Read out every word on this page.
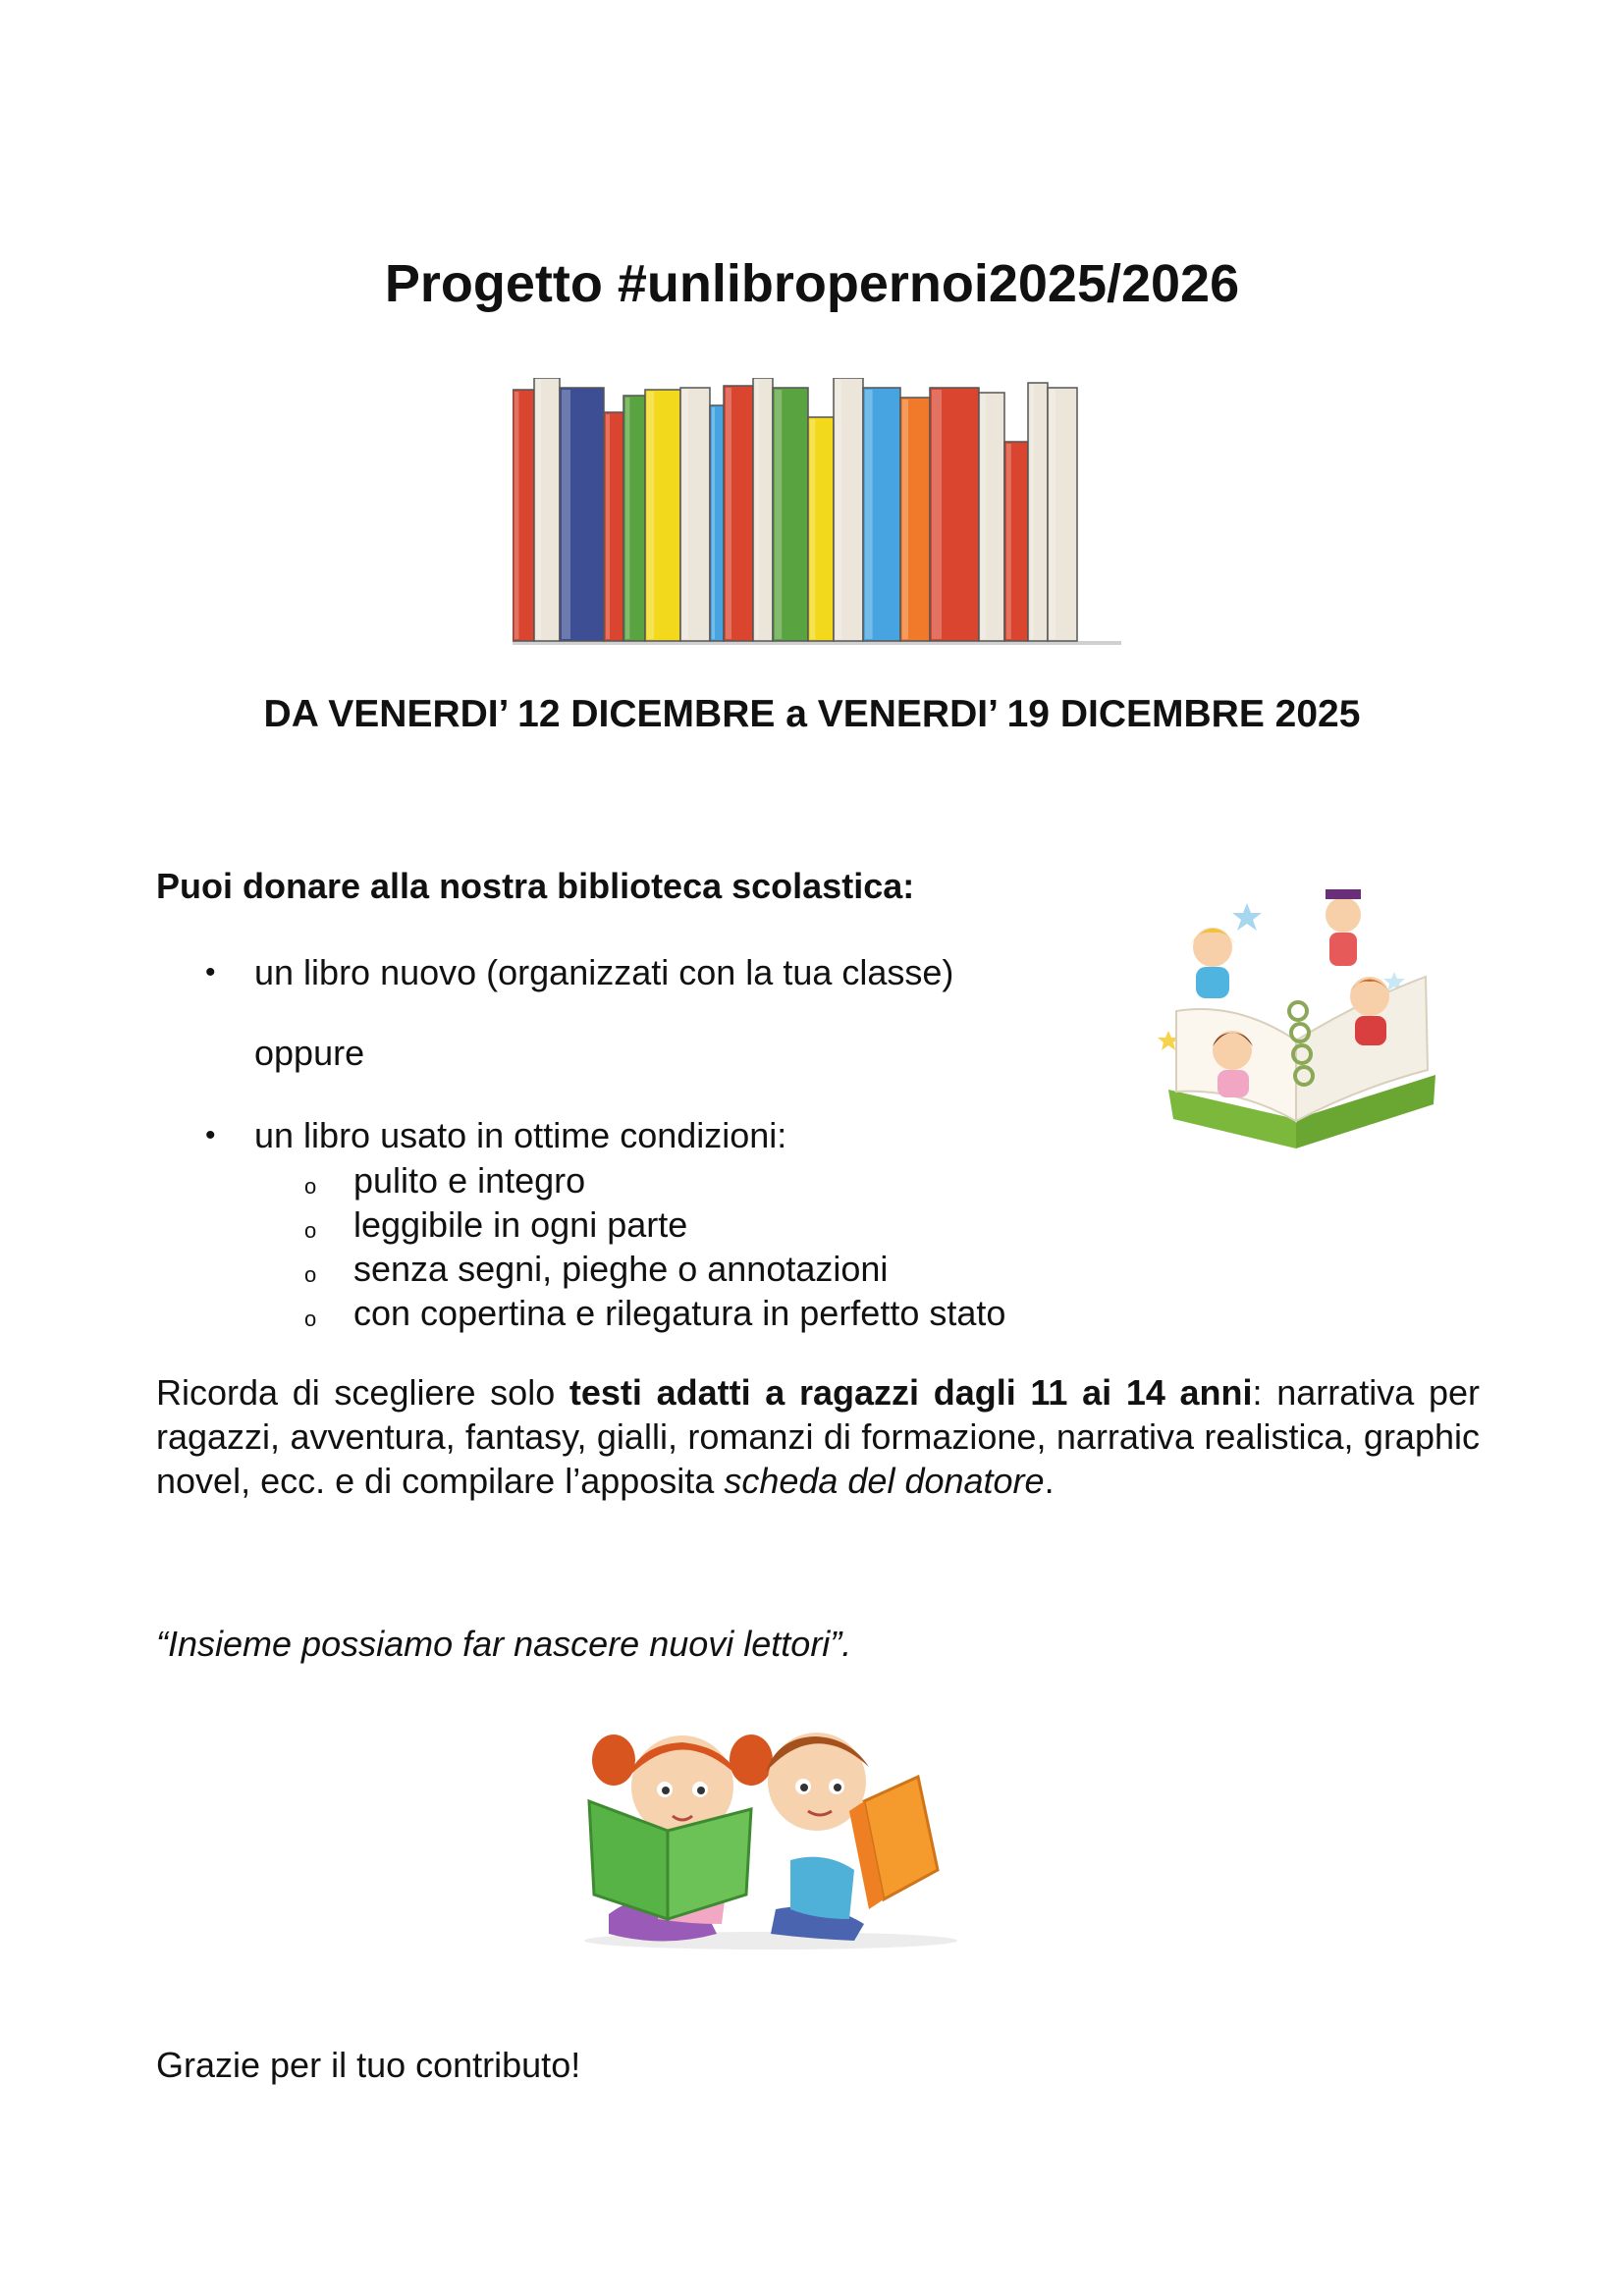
Progetto #unlibropernoi2025/2026
DA VENERDI’ 12 DICEMBRE a VENERDI’ 19 DICEMBRE 2025

Puoi donare alla nostra biblioteca scolastica:

• un libro nuovo (organizzati con la tua classe)
oppure
• un libro usato in ottime condizioni:
o pulito e integro
o leggibile in ogni parte
o senza segni, pieghe o annotazioni
o con copertina e rilegatura in perfetto stato

Ricorda di scegliere solo testi adatti a ragazzi dagli 11 ai 14 anni: narrativa per ragazzi, avventura, fantasy, gialli, romanzi di formazione, narrativa realistica, graphic novel, ecc. e di compilare l’apposita scheda del donatore.

“Insieme possiamo far nascere nuovi lettori”.

Grazie per il tuo contributo!
